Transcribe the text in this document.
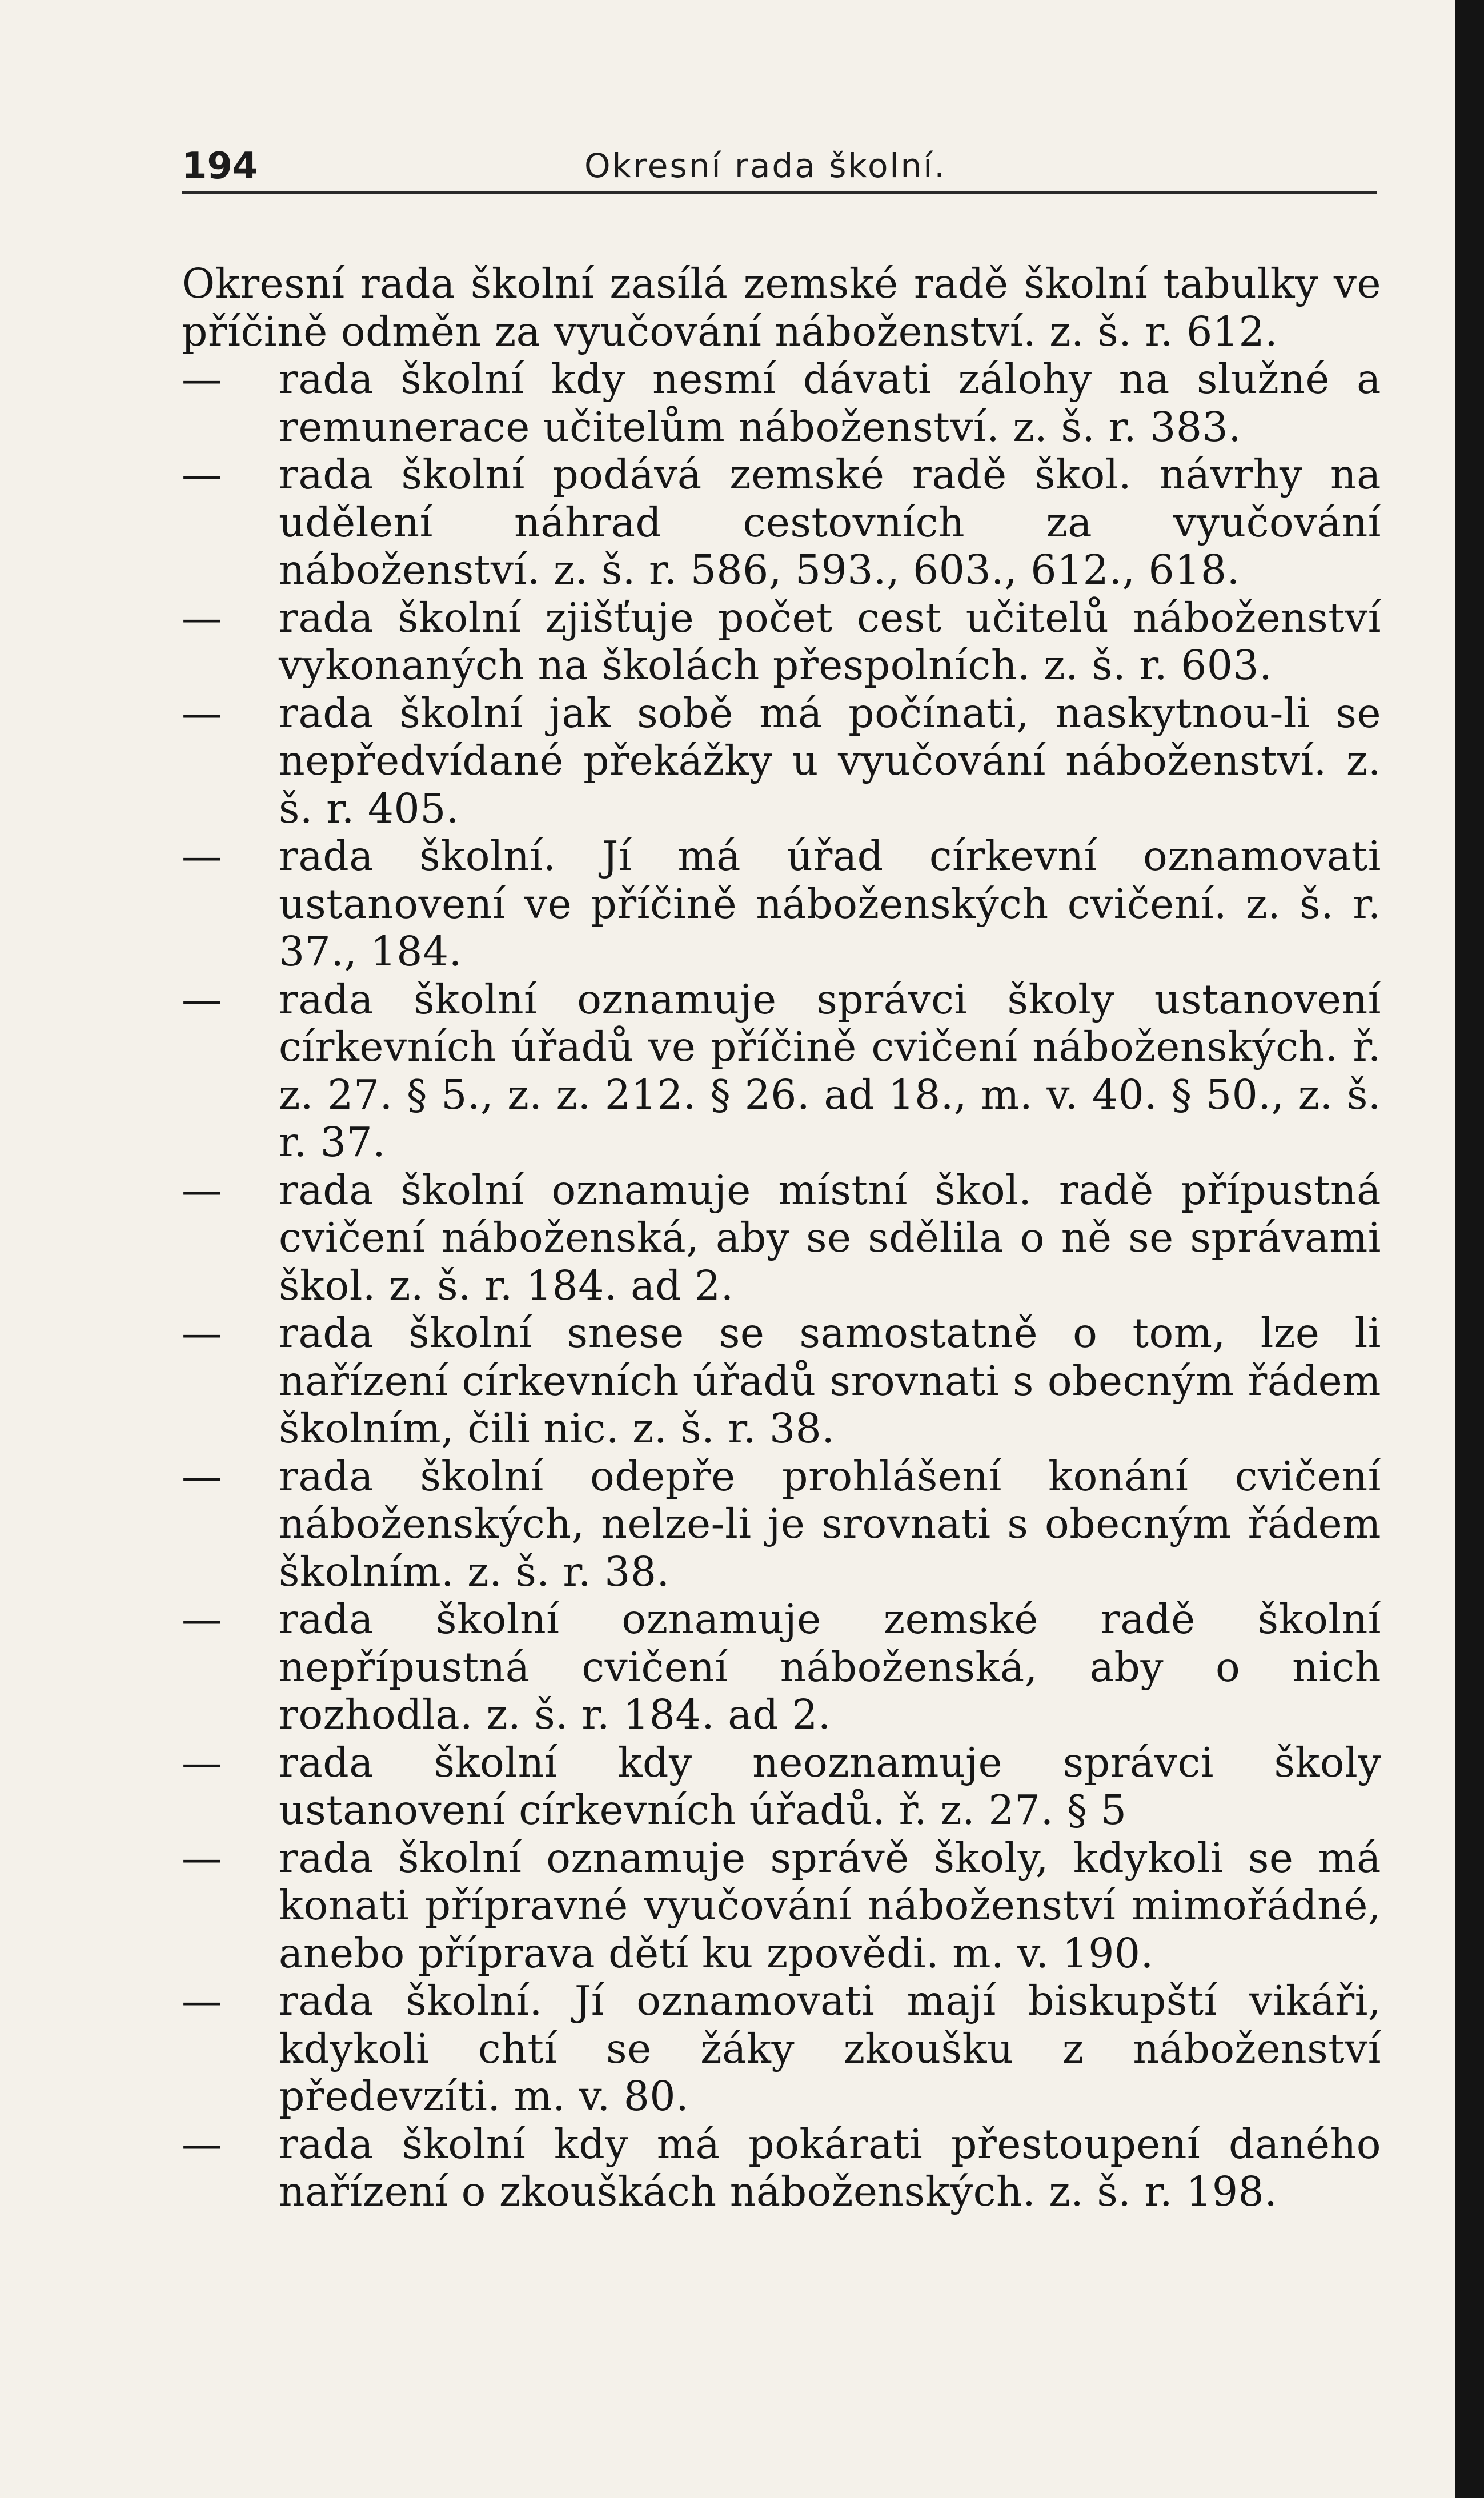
194	Okresní rada školní.

Okresní rada školní zasílá zemské radě školní tabulky ve příčině odměn za vyučování náboženství. z. š. r. 612.

— rada školní kdy nesmí dávati zálohy na služné a remunerace učitelům náboženství. z. š. r. 383.

— rada školní podává zemské radě škol. návrhy na udělení náhrad cestovních za vyučování náboženství. z. š. r. 586, 593., 603., 612., 618.

— rada školní zjišťuje počet cest učitelů náboženství vykonaných na školách přespolních. z. š. r. 603.

— rada školní jak sobě má počínati, naskytnou-li se nepředvídané překážky u vyučování náboženství. z. š. r. 405.

— rada školní. Jí má úřad církevní oznamovati ustanovení ve příčině náboženských cvičení. z. š. r. 37., 184.

— rada školní oznamuje správci školy ustanovení církevních úřadů ve příčině cvičení náboženských. ř. z. 27. § 5., z. z. 212. § 26. ad 18., m. v. 40. § 50., z. š. r. 37.

— rada školní oznamuje místní škol. radě přípustná cvičení náboženská, aby se sdělila o ně se správami škol. z. š. r. 184. ad 2.

— rada školní snese se samostatně o tom, lze li nařízení církevních úřadů srovnati s obecným řádem školním, čili nic. z. š. r. 38.

— rada školní odepře prohlášení konání cvičení náboženských, nelze-li je srovnati s obecným řádem školním. z. š. r. 38.

— rada školní oznamuje zemské radě školní nepřípustná cvičení náboženská, aby o nich rozhodla. z. š. r. 184. ad 2.

— rada školní kdy neoznamuje správci školy ustanovení církevních úřadů. ř. z. 27. § 5

— rada školní oznamuje správě školy, kdykoli se má konati přípravné vyučování náboženství mimořádné, anebo příprava dětí ku zpovědi. m. v. 190.

— rada školní. Jí oznamovati mají biskupští vikáři, kdykoli chtí se žáky zkoušku z náboženství předevzíti. m. v. 80.

— rada školní kdy má pokárati přestoupení daného nařízení o zkouškách náboženských. z. š. r. 198.
